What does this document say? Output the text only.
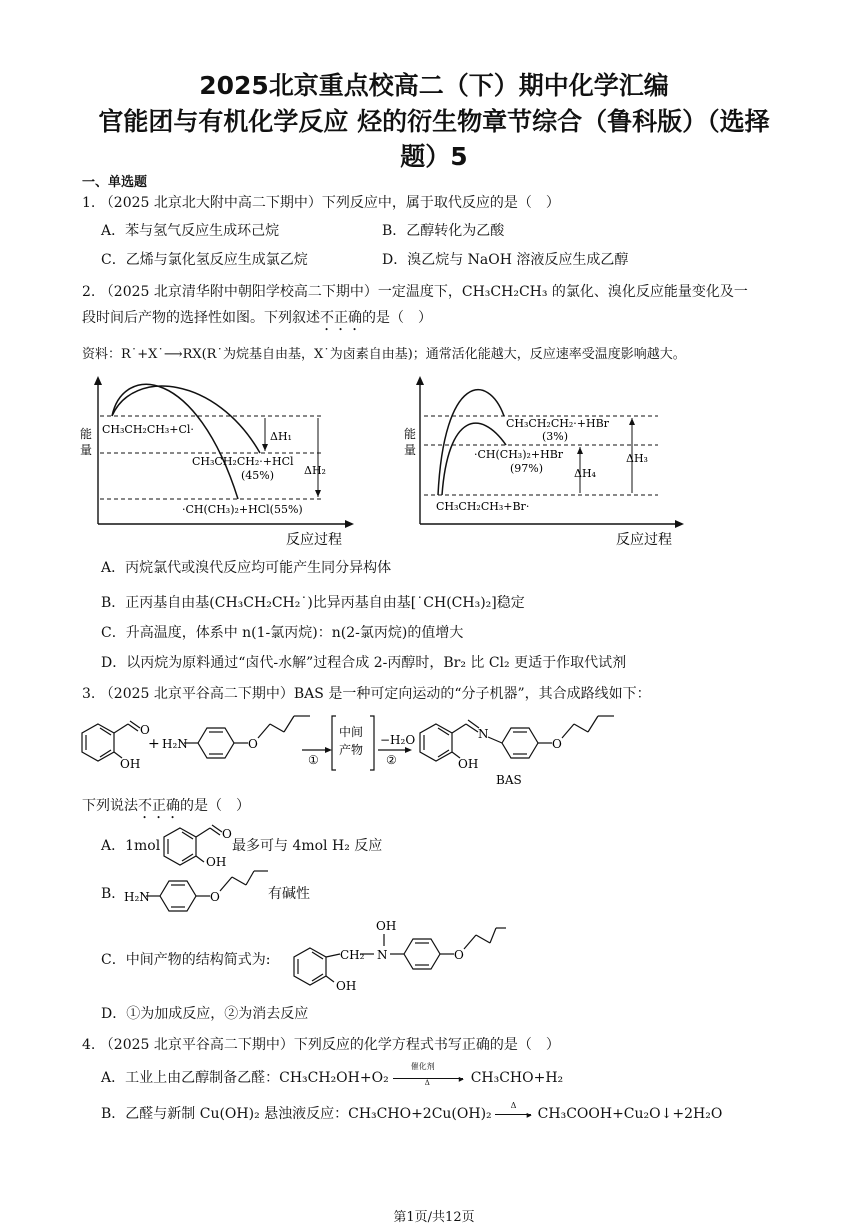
2025北京重点校高二（下）期中化学汇编
官能团与有机化学反应 烃的衍生物章节综合（鲁科版）（选择
题）5
一、单选题
1. （2025 北京北大附中高二下期中）下列反应中，属于取代反应的是（　）
A．苯与氢气反应生成环己烷	B．乙醇转化为乙酸
C．乙烯与氯化氢反应生成氯乙烷	D．溴乙烷与 NaOH 溶液反应生成乙醇
2. （2025 北京清华附中朝阳学校高二下期中）一定温度下，CH₃CH₂CH₃ 的氯化、溴化反应能量变化及一
段时间后产物的选择性如图。下列叙述不正确的是（　）
资料：R˙+X˙⟶RX(R˙为烷基自由基，X˙为卤素自由基)；通常活化能越大，反应速率受温度影响越大。
能
量
CH₃CH₂CH₃+Cl·
CH₃CH₂CH₂·+HCl
(45%)
·CH(CH₃)₂+HCl(55%)
ΔH₁
ΔH₂
反应过程
能
量
CH₃CH₂CH₂·+HBr
(3%)
·CH(CH₃)₂+HBr
(97%)
CH₃CH₂CH₃+Br·
ΔH₄
ΔH₃
反应过程
A．丙烷氯代或溴代反应均可能产生同分异构体
B．正丙基自由基(CH₃CH₂CH₂˙)比异丙基自由基[˙CH(CH₃)₂]稳定
C．升高温度，体系中 n(1-氯丙烷)：n(2-氯丙烷)的值增大
D．以丙烷为原料通过“卤代-水解”过程合成 2-丙醇时，Br₂ 比 Cl₂ 更适于作取代试剂
3. （2025 北京平谷高二下期中）BAS 是一种可定向运动的“分子机器”，其合成路线如下：
O
OH
+ H₂N	O
①
中间
产物
−H₂O
②
N
OH
O
BAS
下列说法不正确的是（　）
A．1mol
O
OH
最多可与 4mol H₂ 反应
B．
H₂N	O	有碱性
C．中间产物的结构简式为:	CH₂ N
OH
O
OH
D．①为加成反应，②为消去反应
4. （2025 北京平谷高二下期中）下列反应的化学方程式书写正确的是（　）
A．工业上由乙醇制备乙醛：CH₃CH₂OH+O₂
催化剂
▸
Δ	CH₃CHO+H₂
B．乙醛与新制 Cu(OH)₂ 悬浊液反应：CH₃CHO+2Cu(OH)₂
Δ
▸ CH₃COOH+Cu₂O↓+2H₂O
第1页/共12页
